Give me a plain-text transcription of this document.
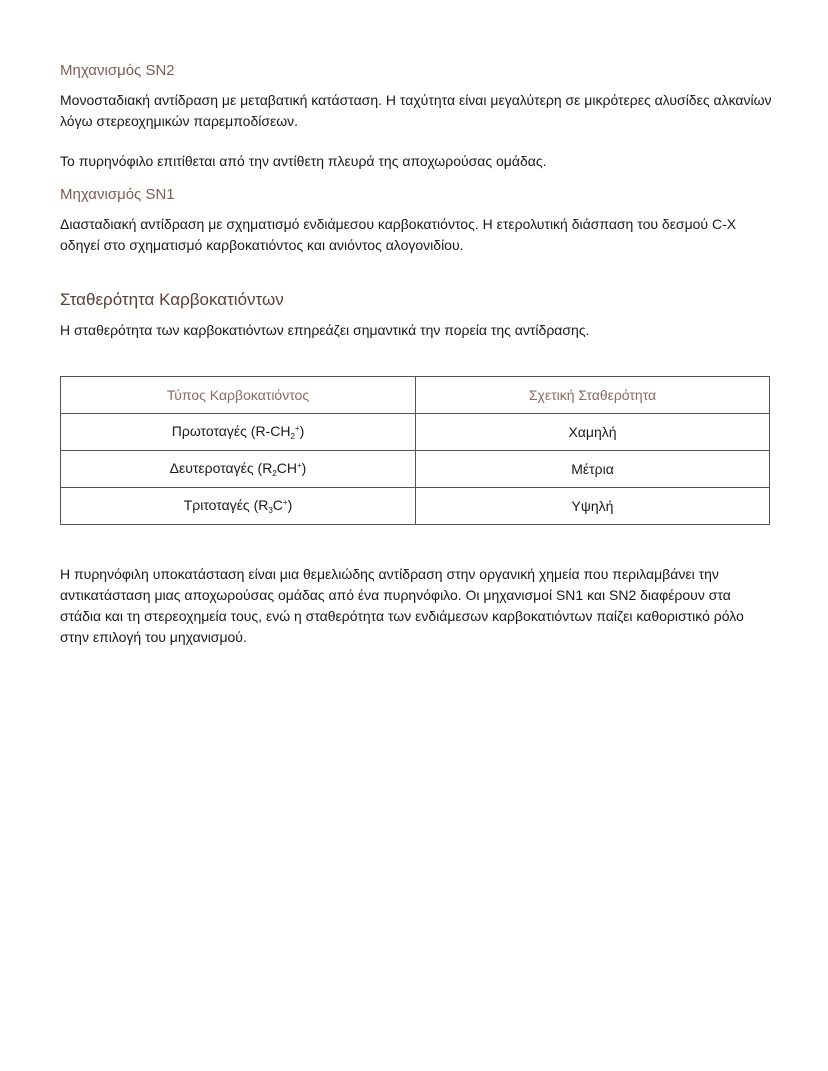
Μηχανισμός SN2

Μονοσταδιακή αντίδραση με μεταβατική κατάσταση. Η ταχύτητα είναι μεγαλύτερη σε μικρότερες αλυσίδες αλκανίων λόγω στερεοχημικών παρεμποδίσεων.

Το πυρηνόφιλο επιτίθεται από την αντίθετη πλευρά της αποχωρούσας ομάδας.

Μηχανισμός SN1

Διασταδιακή αντίδραση με σχηματισμό ενδιάμεσου καρβοκατιόντος. Η ετερολυτική διάσπαση του δεσμού C-X οδηγεί στο σχηματισμό καρβοκατιόντος και ανιόντος αλογονιδίου.

Σταθερότητα Καρβοκατιόντων

Η σταθερότητα των καρβοκατιόντων επηρεάζει σημαντικά την πορεία της αντίδρασης.

Τύπος Καρβοκατιόντος	Σχετική Σταθερότητα
Πρωτοταγές $(R-CH_2^+)$	Χαμηλή
Δευτεροταγές $(R_2CH^+)$	Μέτρια
Τριτοταγές $(R_3C^+)$	Υψηλή

Η πυρηνόφιλη υποκατάσταση είναι μια θεμελιώδης αντίδραση στην οργανική χημεία που περιλαμβάνει την αντικατάσταση μιας αποχωρούσας ομάδας από ένα πυρηνόφιλο. Οι μηχανισμοί SN1 και SN2 διαφέρουν στα στάδια και τη στερεοχημεία τους, ενώ η σταθερότητα των ενδιάμεσων καρβοκατιόντων παίζει καθοριστικό ρόλο στην επιλογή του μηχανισμού.
